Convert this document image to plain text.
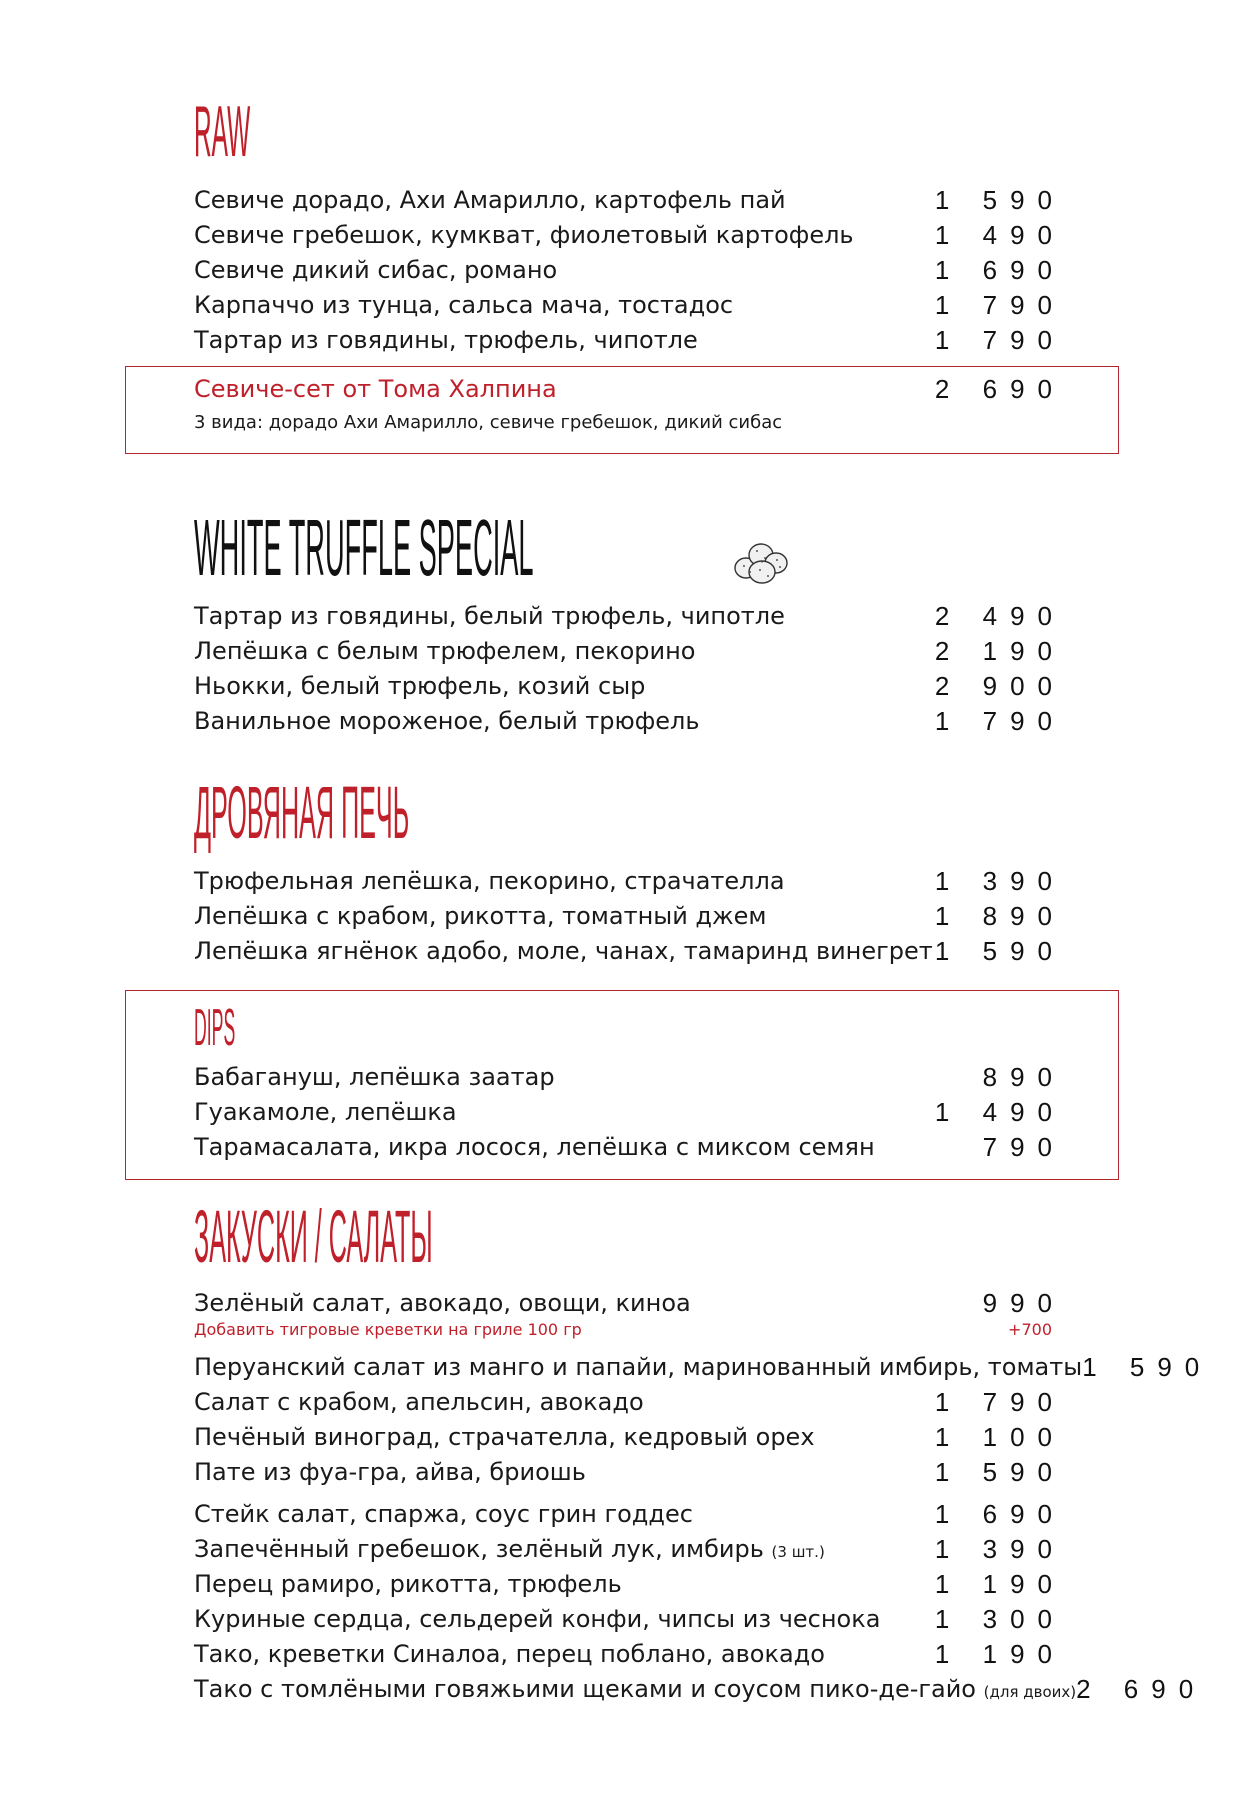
RAW
Севиче дорадо, Ахи Амарилло, картофель пай	1 590
Севиче гребешок, кумкват, фиолетовый картофель	1 490
Севиче дикий сибас, романо	1 690
Карпаччо из тунца, сальса мача, тостадос	1 790
Тартар из говядины, трюфель, чипотле	1 790
Севиче-сет от Тома Халпина	2 690
3 вида: дорадо Ахи Амарилло, севиче гребешок, дикий сибас
WHITE TRUFFLE SPECIAL
Тартар из говядины, белый трюфель, чипотле	2 490
Лепёшка с белым трюфелем, пекорино	2 190
Ньокки, белый трюфель, козий сыр	2 900
Ванильное мороженое, белый трюфель	1 790
ДРОВЯНАЯ ПЕЧЬ
Трюфельная лепёшка, пекорино, страчателла	1 390
Лепёшка с крабом, рикотта, томатный джем	1 890
Лепёшка ягнёнок адобо, моле, чанах, тамаринд винегрет 1 590
DIPS
Бабагануш, лепёшка заатар	890
Гуакамоле, лепёшка	1 490
Тарамасалата, икра лосося, лепёшка с миксом семян	790
ЗАКУСКИ / САЛАТЫ
Зелёный салат, авокадо, овощи, киноа	990
Добавить тигровые креветки на гриле 100 гр	+700
Перуанский салат из манго и папайи, маринованный имбирь, томаты 1 590
Салат с крабом, апельсин, авокадо	1 790
Печёный виноград, страчателла, кедровый орех	1 100
Пате из фуа-гра, айва, бриошь	1 590
Стейк салат, спаржа, соус грин годдес	1 690
Запечённый гребешок, зелёный лук, имбирь (3 шт.)	1 390
Перец рамиро, рикотта, трюфель	1 190
Куриные сердца, сельдерей конфи, чипсы из чеснока 1 300
Тако, креветки Синалоа, перец поблано, авокадо	1 190
Тако с томлёными говяжьими щеками и соусом пико-де-гайо (для двоих) 2 690
